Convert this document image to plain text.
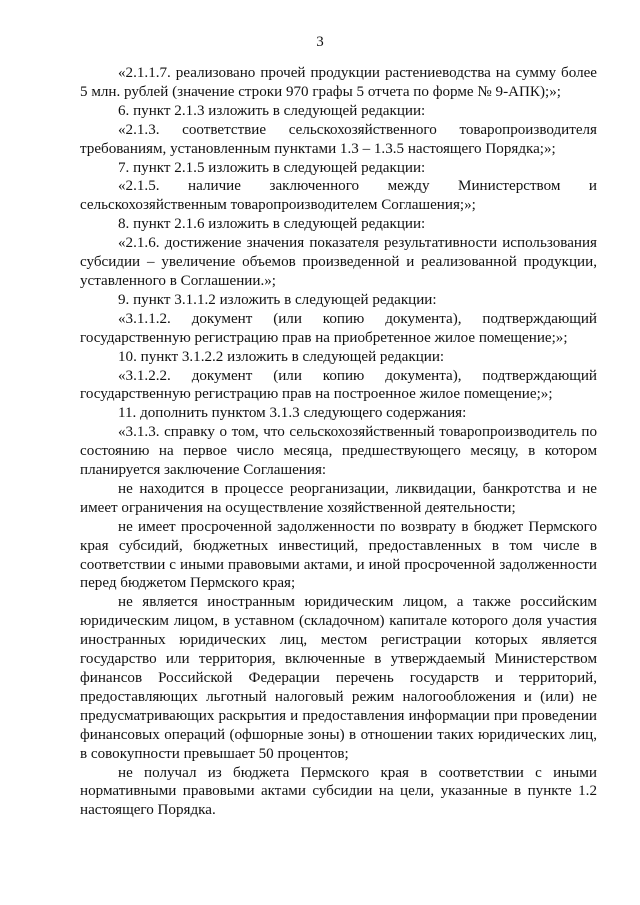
3

«2.1.1.7. реализовано прочей продукции растениеводства на сумму более 5 млн. рублей (значение строки 970 графы 5 отчета по форме № 9-АПК);»;

6. пункт 2.1.3 изложить в следующей редакции:

«2.1.3. соответствие сельскохозяйственного товаропроизводителя требованиям, установленным пунктами 1.3 – 1.3.5 настоящего Порядка;»;

7. пункт 2.1.5 изложить в следующей редакции:

«2.1.5. наличие заключенного между Министерством и сельскохозяйственным товаропроизводителем Соглашения;»;

8. пункт 2.1.6 изложить в следующей редакции:

«2.1.6. достижение значения показателя результативности использования субсидии – увеличение объемов произведенной и реализованной продукции, уставленного в Соглашении.»;

9. пункт 3.1.1.2 изложить в следующей редакции:

«3.1.1.2. документ (или копию документа), подтверждающий государственную регистрацию прав на приобретенное жилое помещение;»;

10. пункт 3.1.2.2 изложить в следующей редакции:

«3.1.2.2. документ (или копию документа), подтверждающий государственную регистрацию прав на построенное жилое помещение;»;

11. дополнить пунктом 3.1.3 следующего содержания:

«3.1.3. справку о том, что сельскохозяйственный товаропроизводитель по состоянию на первое число месяца, предшествующего месяцу, в котором планируется заключение Соглашения:

не находится в процессе реорганизации, ликвидации, банкротства и не имеет ограничения на осуществление хозяйственной деятельности;

не имеет просроченной задолженности по возврату в бюджет Пермского края субсидий, бюджетных инвестиций, предоставленных в том числе в соответствии с иными правовыми актами, и иной просроченной задолженности перед бюджетом Пермского края;

не является иностранным юридическим лицом, а также российским юридическим лицом, в уставном (складочном) капитале которого доля участия иностранных юридических лиц, местом регистрации которых является государство или территория, включенные в утверждаемый Министерством финансов Российской Федерации перечень государств и территорий, предоставляющих льготный налоговый режим налогообложения и (или) не предусматривающих раскрытия и предоставления информации при проведении финансовых операций (офшорные зоны) в отношении таких юридических лиц, в совокупности превышает 50 процентов;

не получал из бюджета Пермского края в соответствии с иными нормативными правовыми актами субсидии на цели, указанные в пункте 1.2 настоящего Порядка.
